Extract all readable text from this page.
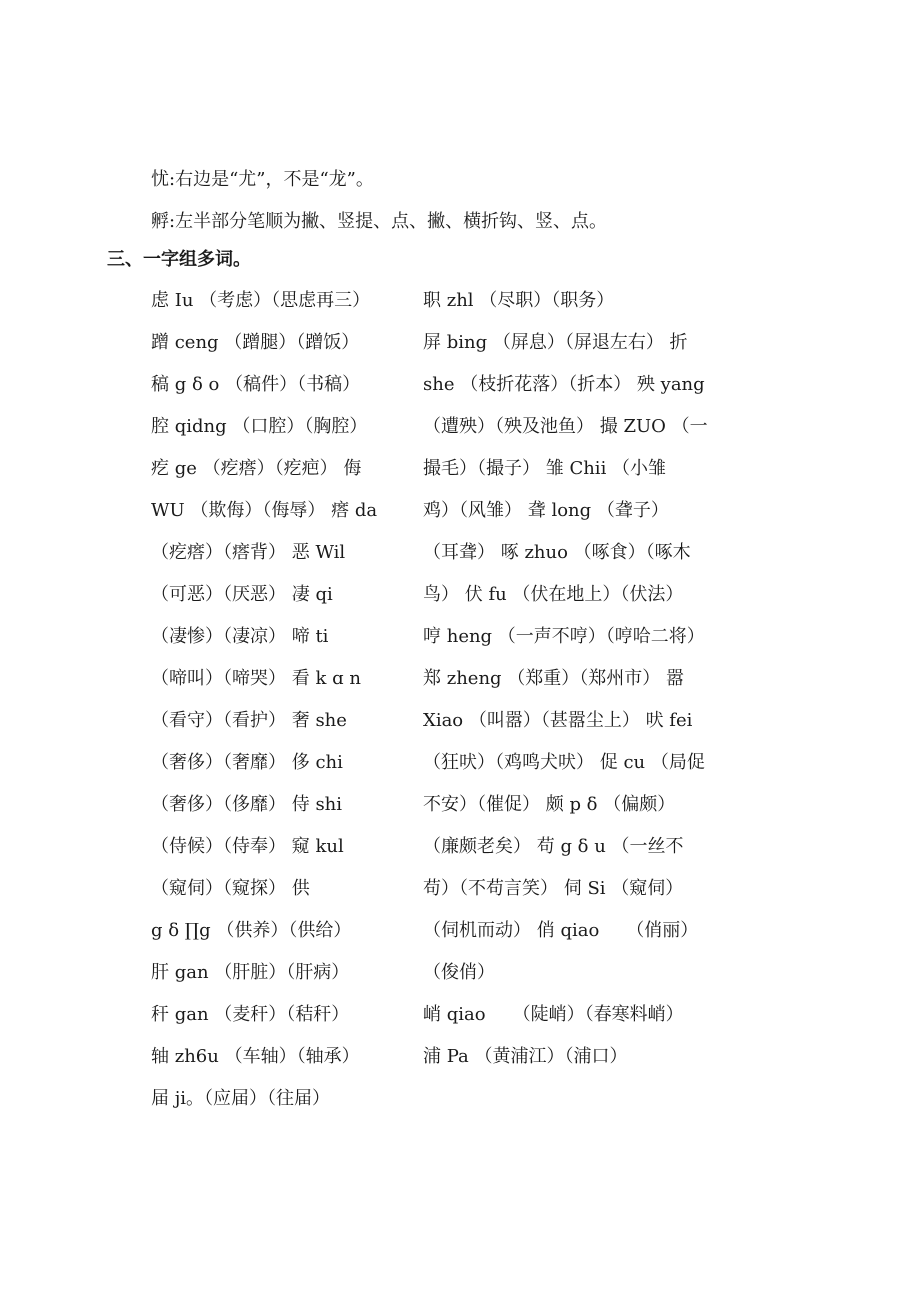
忧:右边是“尤”，不是“龙”。
孵:左半部分笔顺为撇、竖提、点、撇、横折钩、竖、点。
三、一字组多词。
虑 Iu （考虑）（思虑再三）
蹭 ceng （蹭腿）（蹭饭）
稿 g δ o （稿件）（书稿）
腔 qidng （口腔）（胸腔）
疙 ge （疙瘩）（疙疤） 侮
WU （欺侮）（侮辱） 瘩 da
（疙瘩）（瘩背） 恶 Wil
（可恶）（厌恶） 凄 qi
（凄惨）（凄凉） 啼 ti
（啼叫）（啼哭） 看 k ɑ n
（看守）（看护） 奢 she
（奢侈）（奢靡） 侈 chi
（奢侈）（侈靡） 侍 shi
（侍候）（侍奉） 窥 kul
（窥伺）（窥探） 供
g δ ∏g （供养）（供给）
肝 gan （肝脏）（肝病）
秆 gan （麦秆）（秸秆）
轴 zh6u （车轴）（轴承）
届 ji。（应届）（往届）
职 zhl （尽职）（职务）
屏 bing （屏息）（屏退左右） 折
she （枝折花落）（折本） 殃 yang
（遭殃）（殃及池鱼） 撮 ZUO （一
撮毛）（撮子） 雏 Chii （小雏
鸡）（风雏） 聋 long （聋子）
（耳聋） 啄 zhuo （啄食）（啄木
鸟） 伏 fu （伏在地上）（伏法）
哼 heng （一声不哼）（哼哈二将）
郑 zheng （郑重）（郑州市） 嚣
Xiao （叫嚣）（甚嚣尘上） 吠 fei
（狂吠）（鸡鸣犬吠） 促 cu （局促
不安）（催促） 颇 p δ （偏颇）
（廉颇老矣） 苟 g δ u （一丝不
苟）（不苟言笑） 伺 Si （窥伺）
（伺机而动） 俏 qiao　　（俏丽）
（俊俏）
峭 qiao　　（陡峭）（春寒料峭）
浦 Pa （黄浦江）（浦口）
